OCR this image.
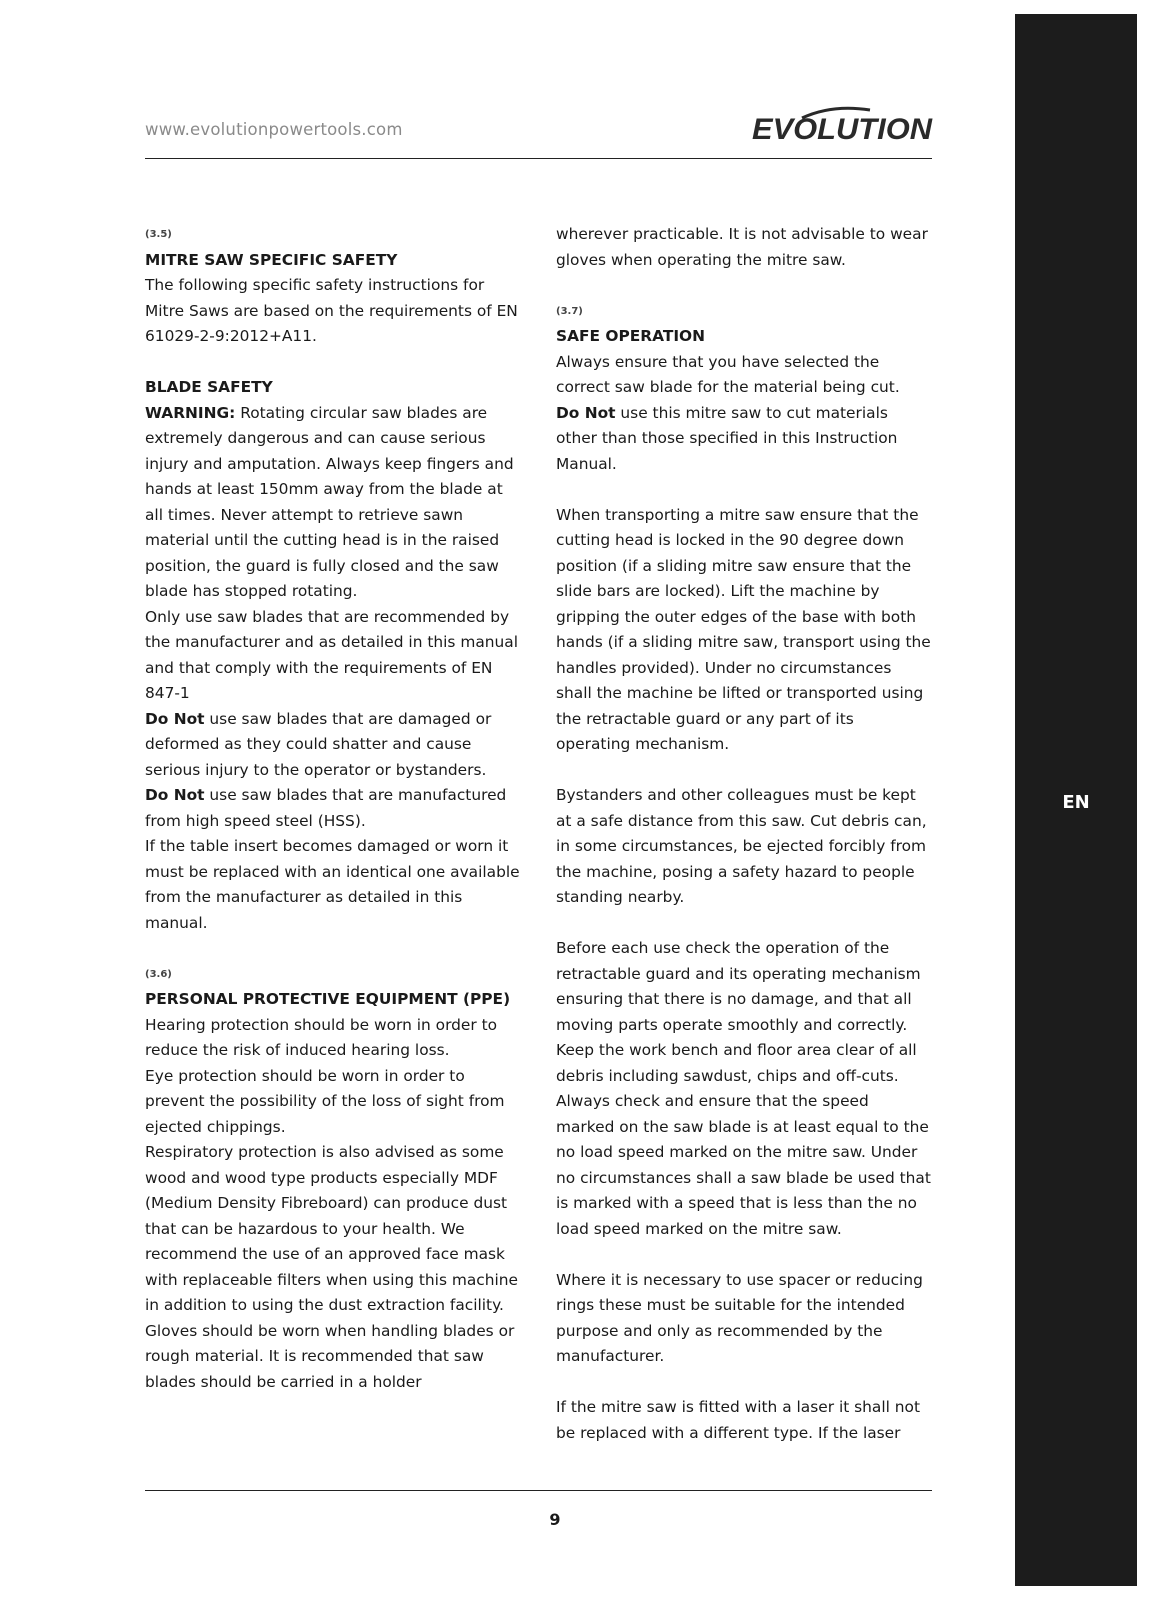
EN
www.evolutionpowertools.com	EVOLUTION
(3.5)
MITRE SAW SPECIFIC SAFETY

The following specific safety instructions for Mitre Saws are based on the requirements of EN 61029-2-9:2012+A11.

BLADE SAFETY

WARNING: Rotating circular saw blades are extremely dangerous and can cause serious injury and amputation. Always keep fingers and hands at least 150mm away from the blade at all times. Never attempt to retrieve sawn material until the cutting head is in the raised position, the guard is fully closed and the saw blade has stopped rotating.

Only use saw blades that are recommended by the manufacturer and as detailed in this manual and that comply with the requirements of EN 847-1

Do Not use saw blades that are damaged or deformed as they could shatter and cause serious injury to the operator or bystanders.

Do Not use saw blades that are manufactured from high speed steel (HSS).

If the table insert becomes damaged or worn it must be replaced with an identical one available from the manufacturer as detailed in this manual.

(3.6)
PERSONAL PROTECTIVE EQUIPMENT (PPE)

Hearing protection should be worn in order to reduce the risk of induced hearing loss.

Eye protection should be worn in order to prevent the possibility of the loss of sight from ejected chippings.

Respiratory protection is also advised as some wood and wood type products especially MDF (Medium Density Fibreboard) can produce dust that can be hazardous to your health. We recommend the use of an approved face mask with replaceable filters when using this machine in addition to using the dust extraction facility.

Gloves should be worn when handling blades or rough material. It is recommended that saw blades should be carried in a holder

wherever practicable. It is not advisable to wear gloves when operating the mitre saw.

(3.7)
SAFE OPERATION

Always ensure that you have selected the correct saw blade for the material being cut.

Do Not use this mitre saw to cut materials other than those specified in this Instruction Manual.

When transporting a mitre saw ensure that the cutting head is locked in the 90 degree down position (if a sliding mitre saw ensure that the slide bars are locked). Lift the machine by gripping the outer edges of the base with both hands (if a sliding mitre saw, transport using the handles provided). Under no circumstances shall the machine be lifted or transported using the retractable guard or any part of its operating mechanism.

Bystanders and other colleagues must be kept at a safe distance from this saw. Cut debris can, in some circumstances, be ejected forcibly from the machine, posing a safety hazard to people standing nearby.

Before each use check the operation of the retractable guard and its operating mechanism ensuring that there is no damage, and that all moving parts operate smoothly and correctly.

Keep the work bench and floor area clear of all debris including sawdust, chips and off-cuts.

Always check and ensure that the speed marked on the saw blade is at least equal to the no load speed marked on the mitre saw. Under no circumstances shall a saw blade be used that is marked with a speed that is less than the no load speed marked on the mitre saw.

Where it is necessary to use spacer or reducing rings these must be suitable for the intended purpose and only as recommended by the manufacturer.

If the mitre saw is fitted with a laser it shall not be replaced with a different type. If the laser

9
